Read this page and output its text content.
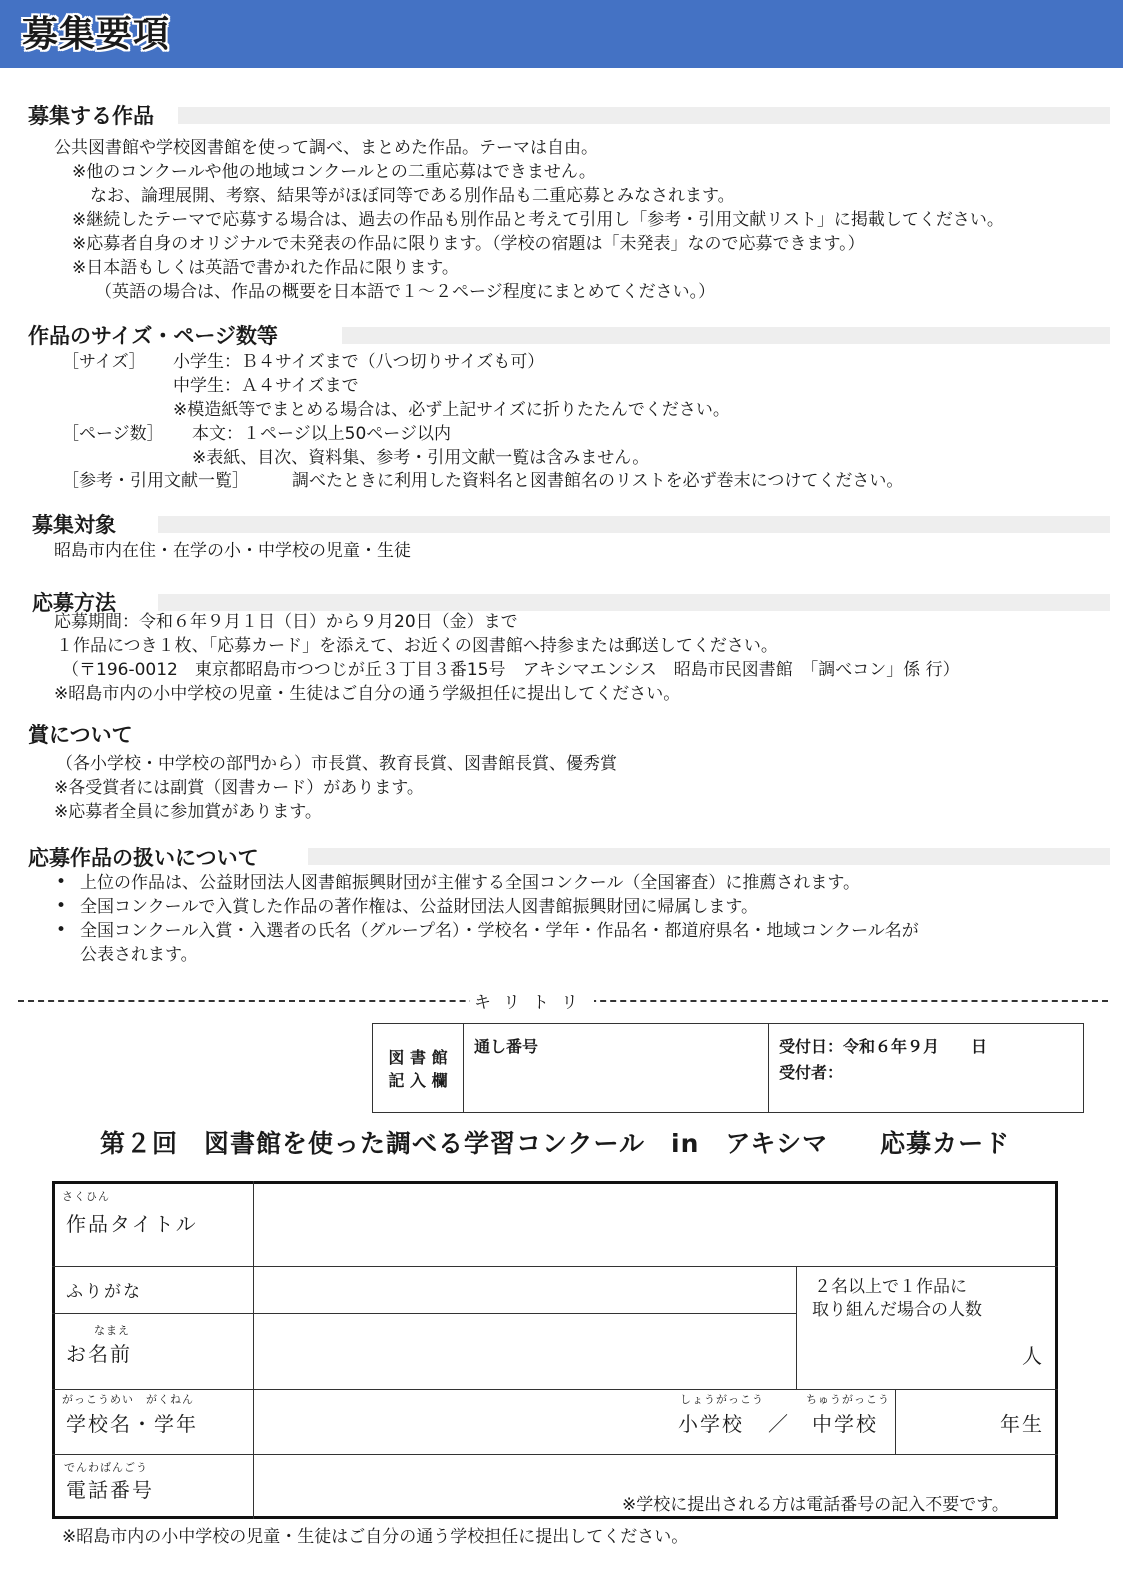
募集要項
募集する作品
公共図書館や学校図書館を使って調べ、まとめた作品。テーマは自由。
※他のコンクールや他の地域コンクールとの二重応募はできません。
なお、論理展開、考察、結果等がほぼ同等である別作品も二重応募とみなされます。
※継続したテーマで応募する場合は、過去の作品も別作品と考えて引用し「参考・引用文献リスト」に掲載してください。
※応募者自身のオリジナルで未発表の作品に限ります。（学校の宿題は「未発表」なので応募できます。）
※日本語もしくは英語で書かれた作品に限ります。
（英語の場合は、作品の概要を日本語で１～２ページ程度にまとめてください。）
作品のサイズ・ページ数等
［サイズ］ 小学生：Ｂ４サイズまで（八つ切りサイズも可）
中学生：Ａ４サイズまで
※模造紙等でまとめる場合は、必ず上記サイズに折りたたんでください。
［ページ数］ 本文：１ページ以上50ページ以内
※表紙、目次、資料集、参考・引用文献一覧は含みません。
［参考・引用文献一覧］	調べたときに利用した資料名と図書館名のリストを必ず巻末につけてください。
募集対象
昭島市内在住・在学の小・中学校の児童・生徒
応募方法
応募期間：令和６年９月１日（日）から９月20日（金）まで
１作品につき１枚、「応募カード」を添えて、お近くの図書館へ持参または郵送してください。
（〒196-0012　東京都昭島市つつじが丘３丁目３番15号　アキシマエンシス　昭島市民図書館　「調べコン」係 行）
※昭島市内の小中学校の児童・生徒はご自分の通う学級担任に提出してください。
賞について
（各小学校・中学校の部門から）市長賞、教育長賞、図書館長賞、優秀賞
※各受賞者には副賞（図書カード）があります。
※応募者全員に参加賞があります。
応募作品の扱いについて
• 上位の作品は、公益財団法人図書館振興財団が主催する全国コンクール（全国審査）に推薦されます。
• 全国コンクールで入賞した作品の著作権は、公益財団法人図書館振興財団に帰属します。
• 全国コンクール入賞・入選者の氏名（グループ名）・学校名・学年・作品名・都道府県名・地域コンクール名が
公表されます。
キリトリ
図 書 館
記 入 欄
	通し番号	受付日：令和６年９月　　日
受付者：
第２回　図書館を使った調べる学習コンクール　in　アキシマ　　応募カード
さくひん
作品タイトル
ふりがな
なまえ
お名前
２名以上で１作品に
取り組んだ場合の人数
人
がっこうめい　がくねん
学校名・学年
しょうがっこう
小学校 ／
ちゅうがっこう
中学校	年生
でんわばんごう
電話番号
※学校に提出される方は電話番号の記入不要です。
※昭島市内の小中学校の児童・生徒はご自分の通う学校担任に提出してください。
